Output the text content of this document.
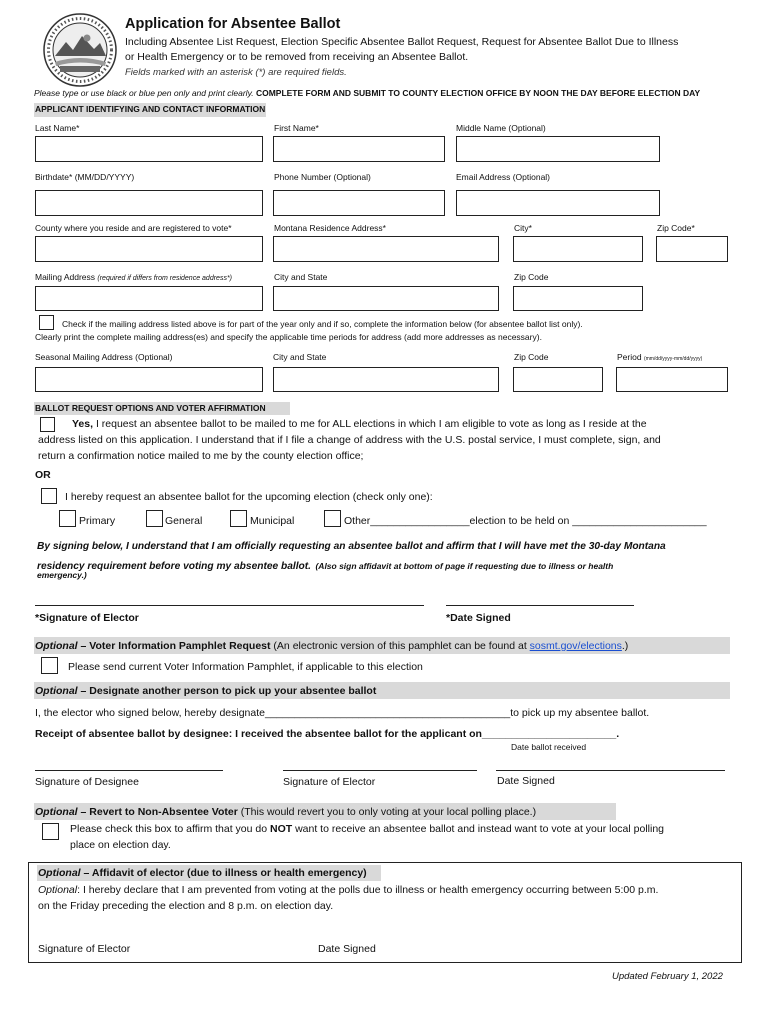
Application for Absentee Ballot
Including Absentee List Request, Election Specific Absentee Ballot Request, Request for Absentee Ballot Due to Illness
or Health Emergency or to be removed from receiving an Absentee Ballot.
Fields marked with an asterisk (*) are required fields.
Please type or use black or blue pen only and print clearly. COMPLETE FORM AND SUBMIT TO COUNTY ELECTION OFFICE BY NOON THE DAY BEFORE ELECTION DAY
APPLICANT IDENTIFYING AND CONTACT INFORMATION
Last Name*	First Name*	Middle Name (Optional)
Birthdate* (MM/DD/YYYY)	Phone Number (Optional)	Email Address (Optional)
County where you reside and are registered to vote*	Montana Residence Address*	City*	Zip Code*
Mailing Address (required if differs from residence address*)	City and State	Zip Code
Check if the mailing address listed above is for part of the year only and if so, complete the information below (for absentee ballot list only).
Clearly print the complete mailing address(es) and specify the applicable time periods for address (add more addresses as necessary).
Seasonal Mailing Address (Optional)	City and State	Zip Code	Period (mm/dd/yyyy-mm/dd/yyyy)
BALLOT REQUEST OPTIONS AND VOTER AFFIRMATION
Yes, I request an absentee ballot to be mailed to me for ALL elections in which I am eligible to vote as long as I reside at the
address listed on this application. I understand that if I file a change of address with the U.S. postal service, I must complete, sign, and
return a confirmation notice mailed to me by the county election office;
OR
I hereby request an absentee ballot for the upcoming election (check only one):
Primary	General	Municipal	Other_________________election to be held on _______________________
By signing below, I understand that I am officially requesting an absentee ballot and affirm that I will have met the 30-day Montana
residency requirement before voting my absentee ballot. (Also sign affidavit at bottom of page if requesting due to illness or health
emergency.)
*Signature of Elector	*Date Signed
Optional – Voter Information Pamphlet Request (An electronic version of this pamphlet can be found at sosmt.gov/elections.)
Please send current Voter Information Pamphlet, if applicable to this election
Optional – Designate another person to pick up your absentee ballot
I, the elector who signed below, hereby designate__________________________________________to pick up my absentee ballot.
Receipt of absentee ballot by designee: I received the absentee ballot for the applicant on_______________________.
Date ballot received
Signature of Designee	Signature of Elector	Date Signed
Optional – Revert to Non-Absentee Voter (This would revert you to only voting at your local polling place.)
Please check this box to affirm that you do NOT want to receive an absentee ballot and instead want to vote at your local polling
place on election day.
Optional – Affidavit of elector (due to illness or health emergency)
Optional: I hereby declare that I am prevented from voting at the polls due to illness or health emergency occurring between 5:00 p.m.
on the Friday preceding the election and 8 p.m. on election day.
Signature of Elector	Date Signed
Updated February 1, 2022
